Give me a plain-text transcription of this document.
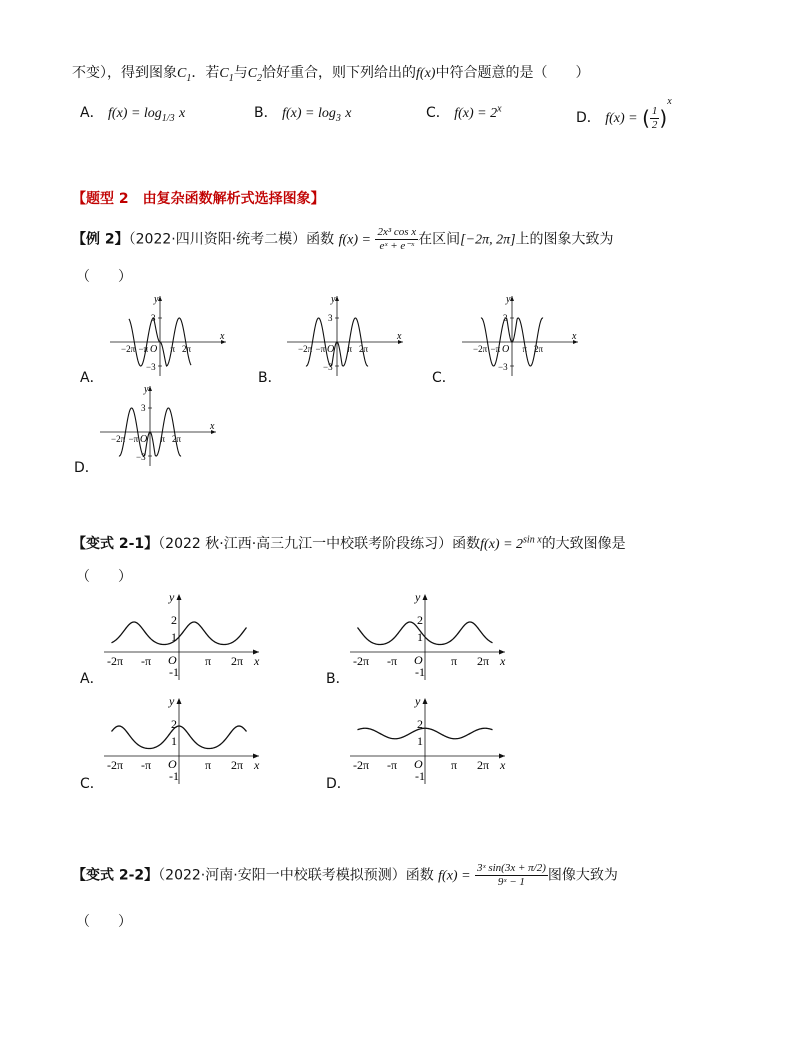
不变），得到图象$C_1$．若$C_1$与$C_2$恰好重合，则下列给出的f(x)中符合题意的是（　　）
A． $f(x) = \log_{1/3} x$	B． $f(x) = \log_3 x$	C． $f(x) = 2^x$
D． f(x) = ( $\frac{1}{2} )^x$
【题型 2　由复杂函数解析式选择图象】
【例 2】（2022·四川资阳·统考二模）函数 $f(x) = \frac{\text{2x³ cos x}}{\text{eˣ + e⁻ˣ}}$ 在区间[−2π, 2π]上的图象大致为
（　　）
A．	B．	C．
D．
y
x
3
−3
O
−2π −π π 2π
y
x
3
−3
O
−2π −π π 2π
y
x
3
−3
O
−2π −π π 2π
y
x
3
−3
O
−2π −π π 2π
【变式 2-1】（2022 秋·江西·高三九江一中校联考阶段练习）函数$f(x) = 2^{sin x}$的大致图像是
（　　）
A．	B．
C．	D．
y
x
2
1
-1
O
-2π -π	π 2π
y
x
2
1
-1
O
-2π -π	π 2π
y
x
2
1
-1
O
-2π -π	π 2π
y
x
2
1
-1
O
-2π -π	π 2π
【变式 2-2】（2022·河南·安阳一中校联考模拟预测）函数 $f(x) = \frac{\text{3ˣ sin(3x + π/2)}}{\text{9ˣ − 1}}$ 图像大致为
（　　）
